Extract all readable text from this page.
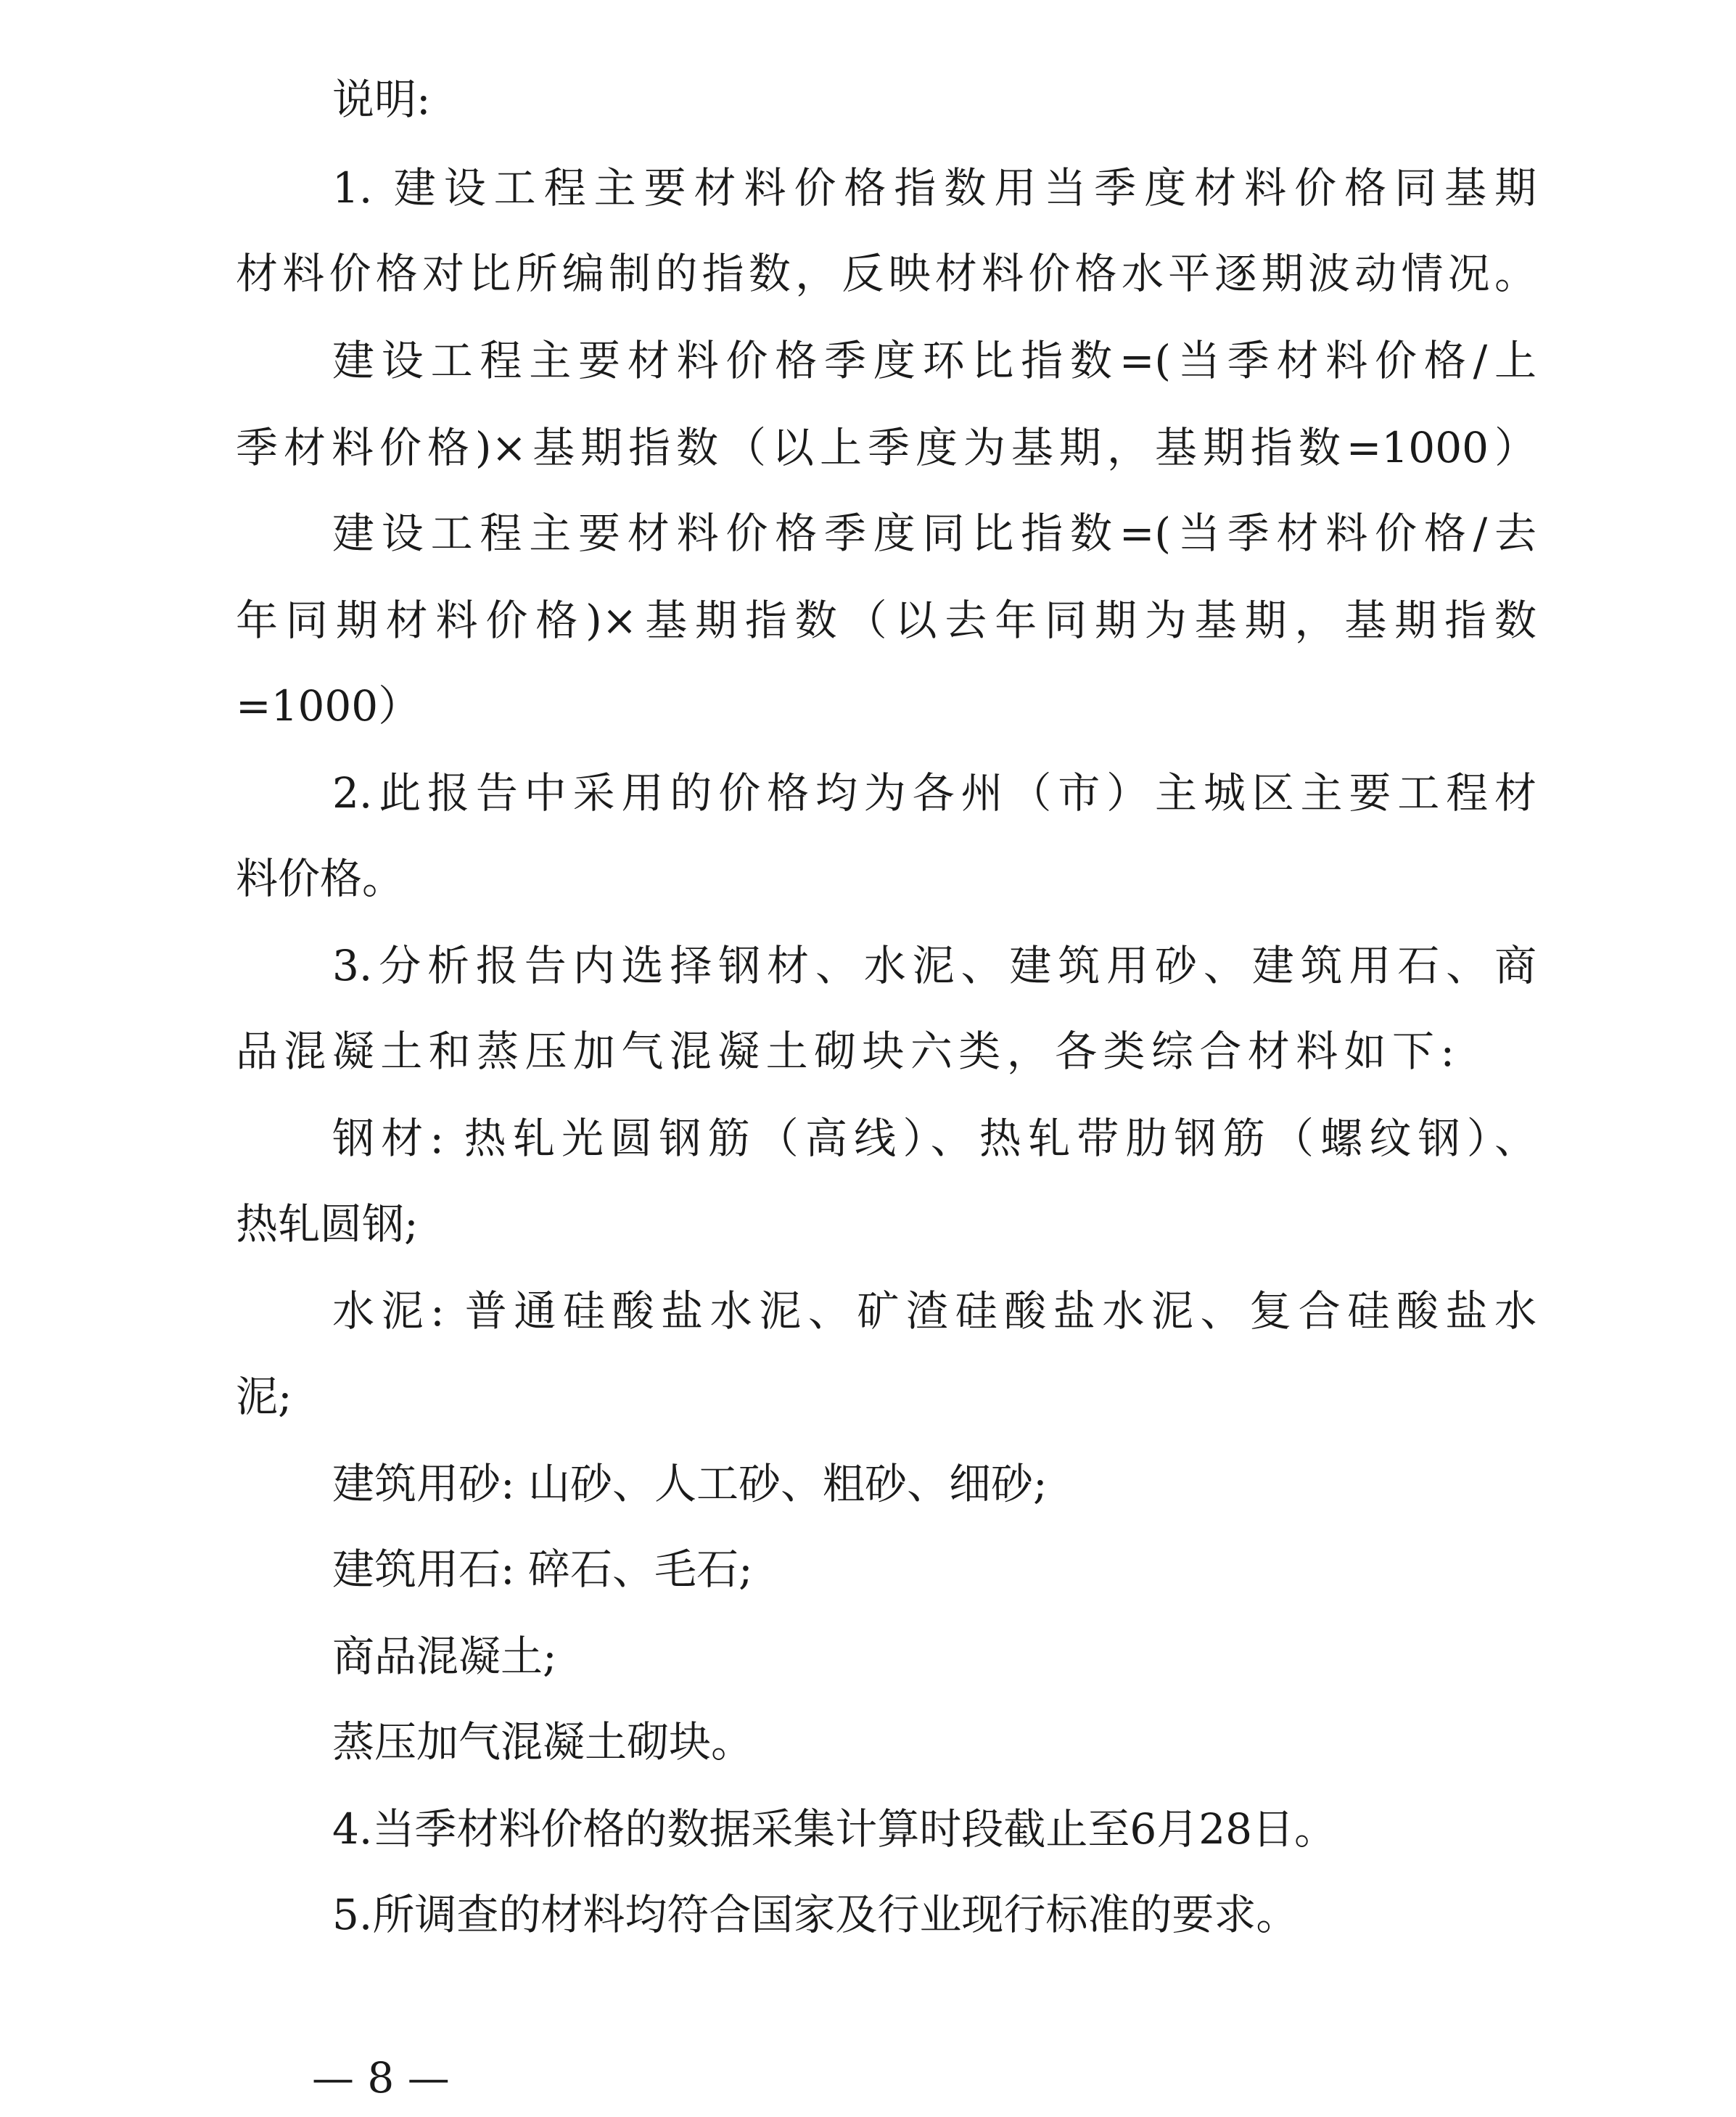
说明:
1. 建设工程主要材料价格指数用当季度材料价格同基期
材料价格对比所编制的指数，反映材料价格水平逐期波动情况。
建设工程主要材料价格季度环比指数=(当季材料价格/上
季材料价格)×基期指数（以上季度为基期，基期指数=1000）
建设工程主要材料价格季度同比指数=(当季材料价格/去
年同期材料价格)×基期指数（以去年同期为基期，基期指数
=1000）
2.此报告中采用的价格均为各州（市）主城区主要工程材
料价格。
3.分析报告内选择钢材、水泥、建筑用砂、建筑用石、商
品混凝土和蒸压加气混凝土砌块六类，各类综合材料如下:
钢材: 热轧光圆钢筋（高线）、热轧带肋钢筋（螺纹钢）、
热轧圆钢;
水泥: 普通硅酸盐水泥、矿渣硅酸盐水泥、复合硅酸盐水
泥;
建筑用砂: 山砂、人工砂、粗砂、细砂;
建筑用石: 碎石、毛石;
商品混凝土;
蒸压加气混凝土砌块。
4.当季材料价格的数据采集计算时段截止至6月28日。
5.所调查的材料均符合国家及行业现行标准的要求。
— 8 —
